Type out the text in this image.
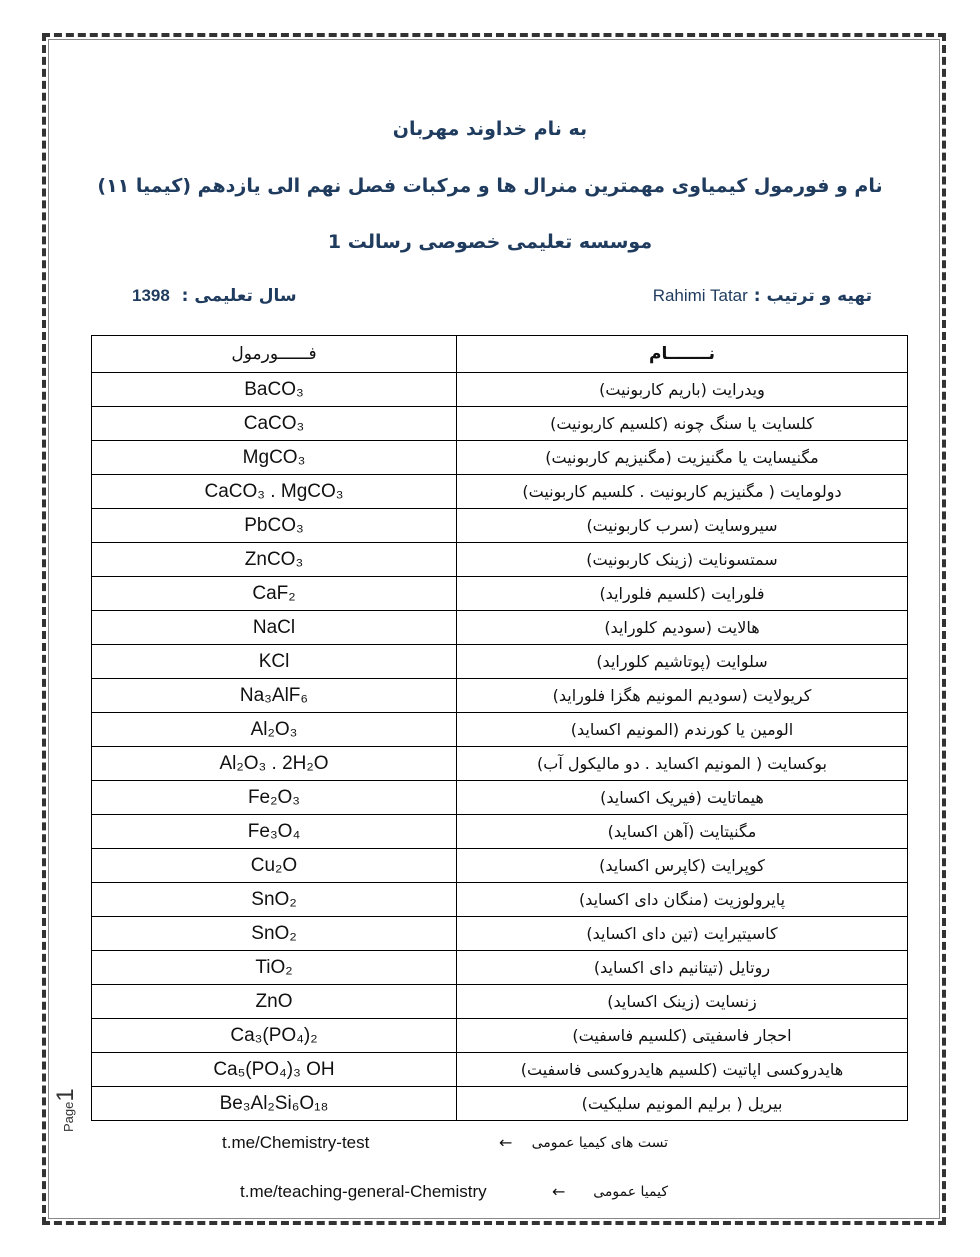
به نام خداوند مهربان
نام و فورمول کیمیاوی مهمترین منرال ها و مرکبات فصل نهم الی یازدهم (کیمیا ۱۱)
موسسه تعلیمی خصوصی رسالت 1
تهیه و ترتیب : Rahimi Tatar
سال تعلیمی :  1398
فــــــورمول	نـــــــام
BaCO₃	ویدرایت (باریم کاربونیت)
CaCO₃	کلسایت یا سنگ چونه (کلسیم کاربونیت)
MgCO₃	مگنیسایت یا مگنیزیت (مگنیزیم کاربونیت)
CaCO₃ . MgCO₃	دولومایت ( مگنیزیم کاربونیت . کلسیم کاربونیت)
PbCO₃	سیروسایت (سرب کاربونیت)
ZnCO₃	سمتسونایت (زینک کاربونیت)
CaF₂	فلورایت (کلسیم فلوراید)
NaCl	هالایت (سودیم کلوراید)
KCl	سلوایت (پوتاشیم کلوراید)
Na₃AlF₆	کریولایت (سودیم المونیم هگزا فلوراید)
Al₂O₃	الومین یا کورندم (المونیم اکساید)
Al₂O₃ . 2H₂O	بوکسایت ( المونیم اکساید . دو مالیکول آب)
Fe₂O₃	هیماتایت (فیریک اکساید)
Fe₃O₄	مگنیتایت (آهن اکساید)
Cu₂O	کوپرایت (کاپرس اکساید)
SnO₂	پایرولوزیت (منگان دای اکساید)
SnO₂	کاسیتیرایت (تین دای اکساید)
TiO₂	روتایل (تیتانیم دای اکساید)
ZnO	زنسایت (زینک اکساید)
Ca₃(PO₄)₂	احجار فاسفیتی (کلسیم فاسفیت)
Ca₅(PO₄)₃ OH	هایدروکسی اپاتیت (کلسیم هایدروکسی فاسفیت)
Be₃Al₂Si₆O₁₈	بیریل ( برلیم المونیم سلیکیت)
Page1
t.me/Chemistry-test	← تست های کیمیا عمومی
t.me/teaching-general-Chemistry	← کیمیا عمومی
